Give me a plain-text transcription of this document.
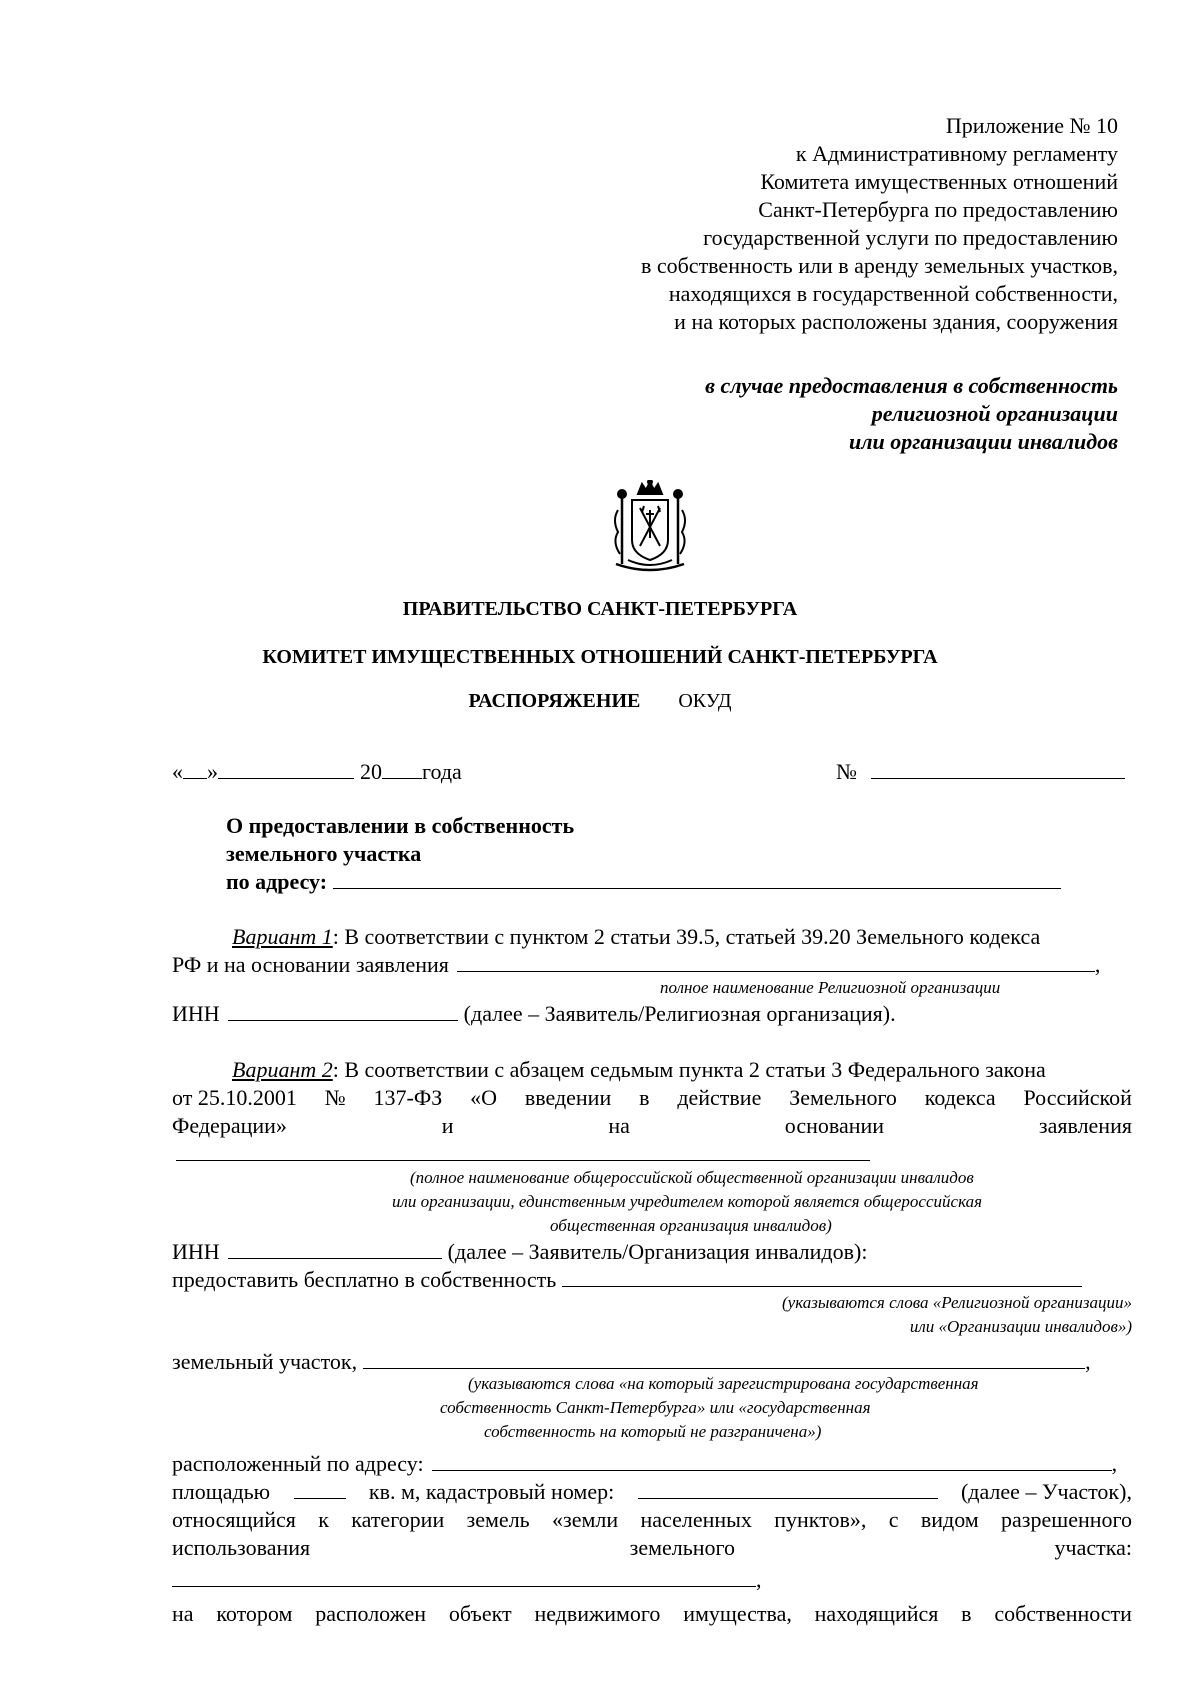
Приложение № 10
к Административному регламенту
Комитета имущественных отношений
Санкт-Петербурга по предоставлению
государственной услуги по предоставлению
в собственность или в аренду земельных участков,
находящихся в государственной собственности,
и на которых расположены здания, сооружения
в случае предоставления в собственность
религиозной организации
или организации инвалидов
ПРАВИТЕЛЬСТВО САНКТ-ПЕТЕРБУРГА
КОМИТЕТ ИМУЩЕСТВЕННЫХ ОТНОШЕНИЙ САНКТ-ПЕТЕРБУРГА
РАСПОРЯЖЕНИЕ ОКУД
« »	20 года	№
О предоставлении в собственность
земельного участка
по адресу:
Вариант 1: В соответствии с пунктом 2 статьи 39.5, статьей 39.20 Земельного кодекса
РФ и на основании заявления	,
полное наименование Религиозной организации
ИНН	(далее – Заявитель/Религиозная организация).
Вариант 2: В соответствии с абзацем седьмым пункта 2 статьи 3 Федерального закона
от 25.10.2001 № 137-ФЗ «О введении в действие Земельного кодекса Российской
Федерации»	и	на	основании	заявления
(полное наименование общероссийской общественной организации инвалидов
или организации, единственным учредителем которой является общероссийская
общественная организация инвалидов)
ИНН	(далее – Заявитель/Организация инвалидов):
предоставить бесплатно в собственность
(указываются слова «Религиозной организации»
или «Организации инвалидов»)
земельный участок,	,
(указываются слова «на который зарегистрирована государственная
собственность Санкт-Петербурга» или «государственная
собственность на который не разграничена»)
расположенный по адресу:	,
площадью	кв. м, кадастровый номер:	(далее – Участок),
относящийся к категории земель «земли населенных пунктов», с видом разрешенного
использования	земельного	участка:
,
на котором расположен объект недвижимого имущества, находящийся в собственности
